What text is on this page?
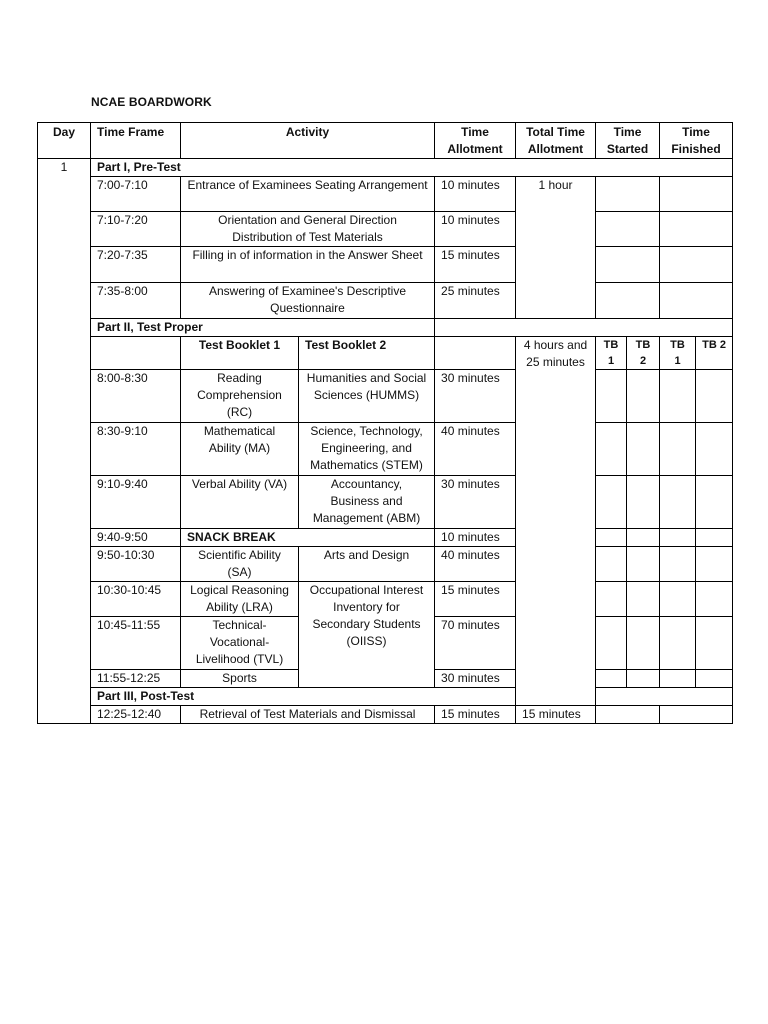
NCAE BOARDWORK
Day	Time Frame	Activity		Time Allotment	Total Time Allotment	Time Started		Time Finished	
1	Part I, Pre-Test								
	7:00-7:10	Entrance of Examinees Seating Arrangement		10 minutes	1 hour				
	7:10-7:20	Orientation and General Direction Distribution of Test Materials		10 minutes					
	7:20-7:35	Filling in of information in the Answer Sheet		15 minutes					
	7:35-8:00	Answering of Examinee's Descriptive Questionnaire		25 minutes					
	Part II, Test Proper								
		Test Booklet 1	Test Booklet 2		4 hours and 25 minutes	TB 1	TB 2	TB 1	TB 2
	8:00-8:30	Reading Comprehension (RC)	Humanities and Social Sciences (HUMMS)	30 minutes					
	8:30-9:10	Mathematical Ability (MA)	Science, Technology, Engineering, and Mathematics (STEM)	40 minutes					
	9:10-9:40	Verbal Ability (VA)	Accountancy, Business and Management (ABM)	30 minutes					
	9:40-9:50	SNACK BREAK		10 minutes					
	9:50-10:30	Scientific Ability (SA)	Arts and Design	40 minutes					
	10:30-10:45	Logical Reasoning Ability (LRA)	Occupational Interest Inventory for Secondary Students (OIISS)	15 minutes					
	10:45-11:55	Technical-Vocational-Livelihood (TVL)		70 minutes					
	11:55-12:25	Sports		30 minutes					
	Part III, Post-Test								
	12:25-12:40	Retrieval of Test Materials and Dismissal		15 minutes	15 minutes				
